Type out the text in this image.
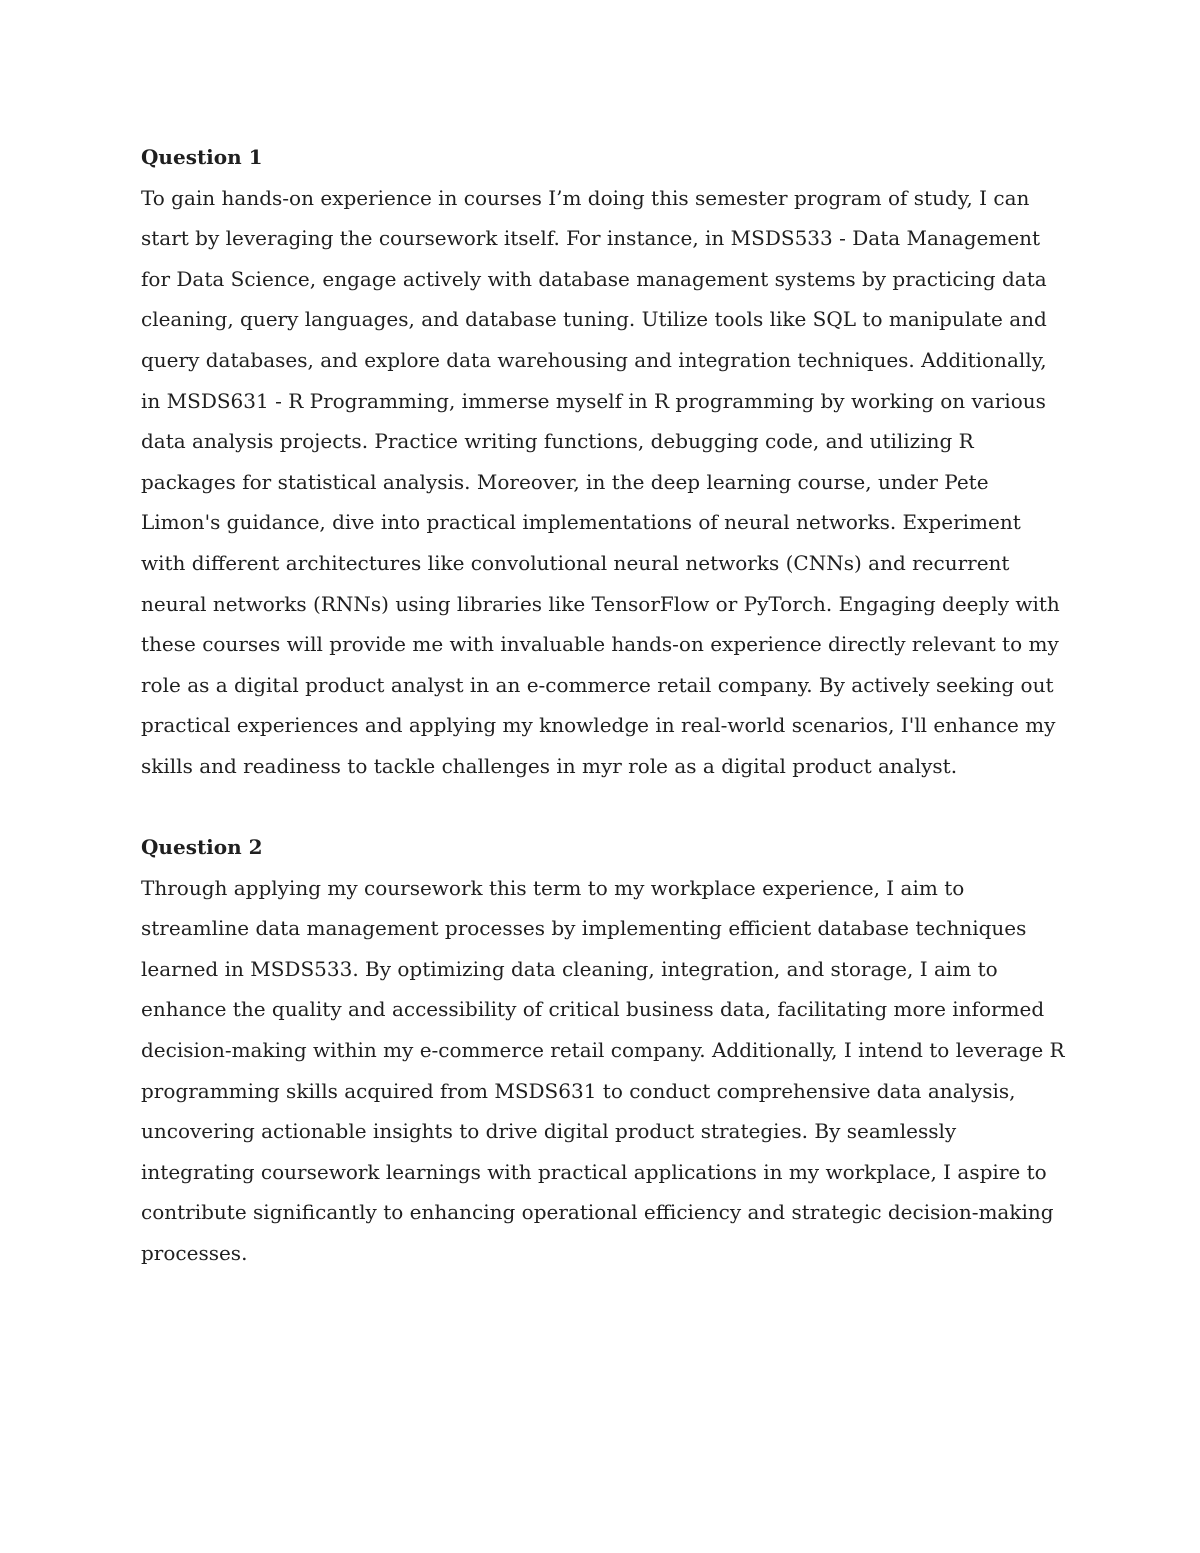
Question 1

To gain hands-on experience in courses I’m doing this semester program of study, I can start by leveraging the coursework itself. For instance, in MSDS533 - Data Management for Data Science, engage actively with database management systems by practicing data cleaning, query languages, and database tuning. Utilize tools like SQL to manipulate and query databases, and explore data warehousing and integration techniques. Additionally, in MSDS631 - R Programming, immerse myself in R programming by working on various data analysis projects. Practice writing functions, debugging code, and utilizing R packages for statistical analysis. Moreover, in the deep learning course, under Pete Limon's guidance, dive into practical implementations of neural networks. Experiment with different architectures like convolutional neural networks (CNNs) and recurrent neural networks (RNNs) using libraries like TensorFlow or PyTorch. Engaging deeply with these courses will provide me with invaluable hands-on experience directly relevant to my role as a digital product analyst in an e-commerce retail company. By actively seeking out practical experiences and applying my knowledge in real-world scenarios, I'll enhance my skills and readiness to tackle challenges in myr role as a digital product analyst.

Question 2

Through applying my coursework this term to my workplace experience, I aim to streamline data management processes by implementing efficient database techniques learned in MSDS533. By optimizing data cleaning, integration, and storage, I aim to enhance the quality and accessibility of critical business data, facilitating more informed decision-making within my e-commerce retail company. Additionally, I intend to leverage R programming skills acquired from MSDS631 to conduct comprehensive data analysis, uncovering actionable insights to drive digital product strategies. By seamlessly integrating coursework learnings with practical applications in my workplace, I aspire to contribute significantly to enhancing operational efficiency and strategic decision-making processes.
